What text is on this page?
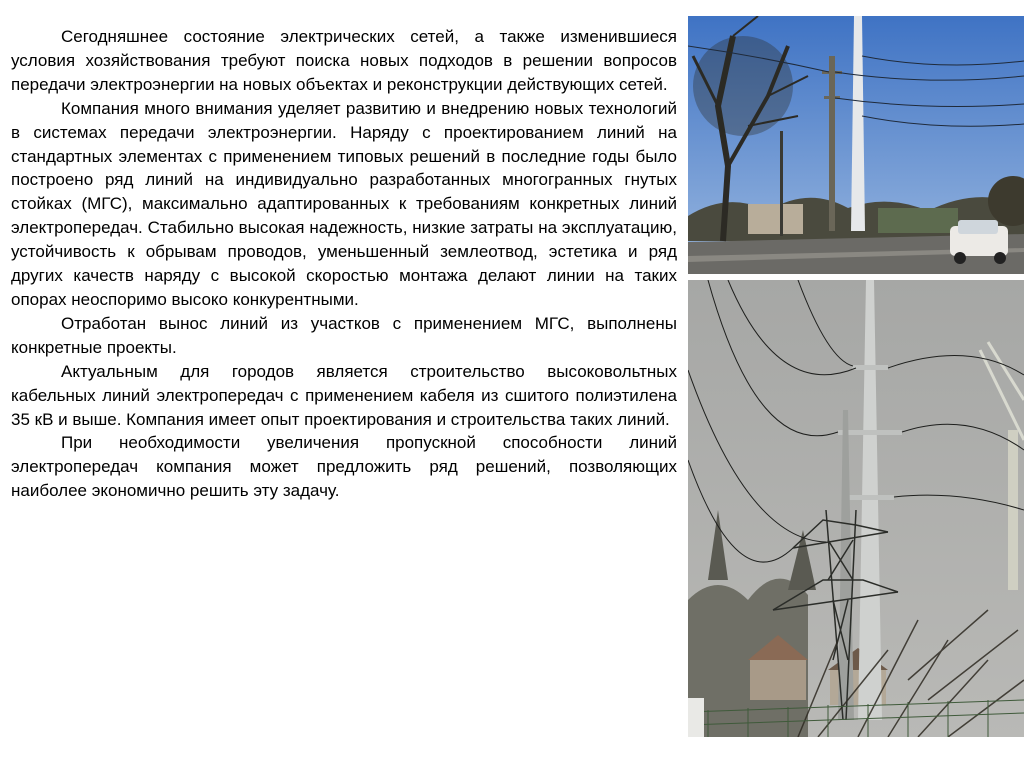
Сегодняшнее состояние электрических сетей, а также изменившиеся условия хозяйствования требуют поиска новых подходов в решении вопросов передачи электроэнергии на новых объектах и реконструкции действующих сетей.

Компания много внимания уделяет развитию и внедрению новых технологий в системах передачи электроэнергии. Наряду с проектированием линий на стандартных элементах с применением типовых решений в последние годы было построено ряд линий на индивидуально разработанных многогранных гнутых стойках (МГС), максимально адаптированных к требованиям конкретных линий электропередач. Стабильно высокая надежность, низкие затраты на эксплуатацию, устойчивость к обрывам проводов, уменьшенный землеотвод, эстетика и ряд других качеств наряду с высокой скоростью монтажа делают линии на таких опорах неоспоримо высоко конкурентными.

Отработан вынос линий из участков с применением МГС, выполнены конкретные проекты.

Актуальным для городов является строительство высоковольтных кабельных линий электропередач с применением кабеля из сшитого полиэтилена 35 кВ и выше. Компания имеет опыт проектирования и строительства таких линий.

При необходимости увеличения пропускной способности линий электропередач компания может предложить ряд решений, позволяющих наиболее экономично решить эту задачу.
